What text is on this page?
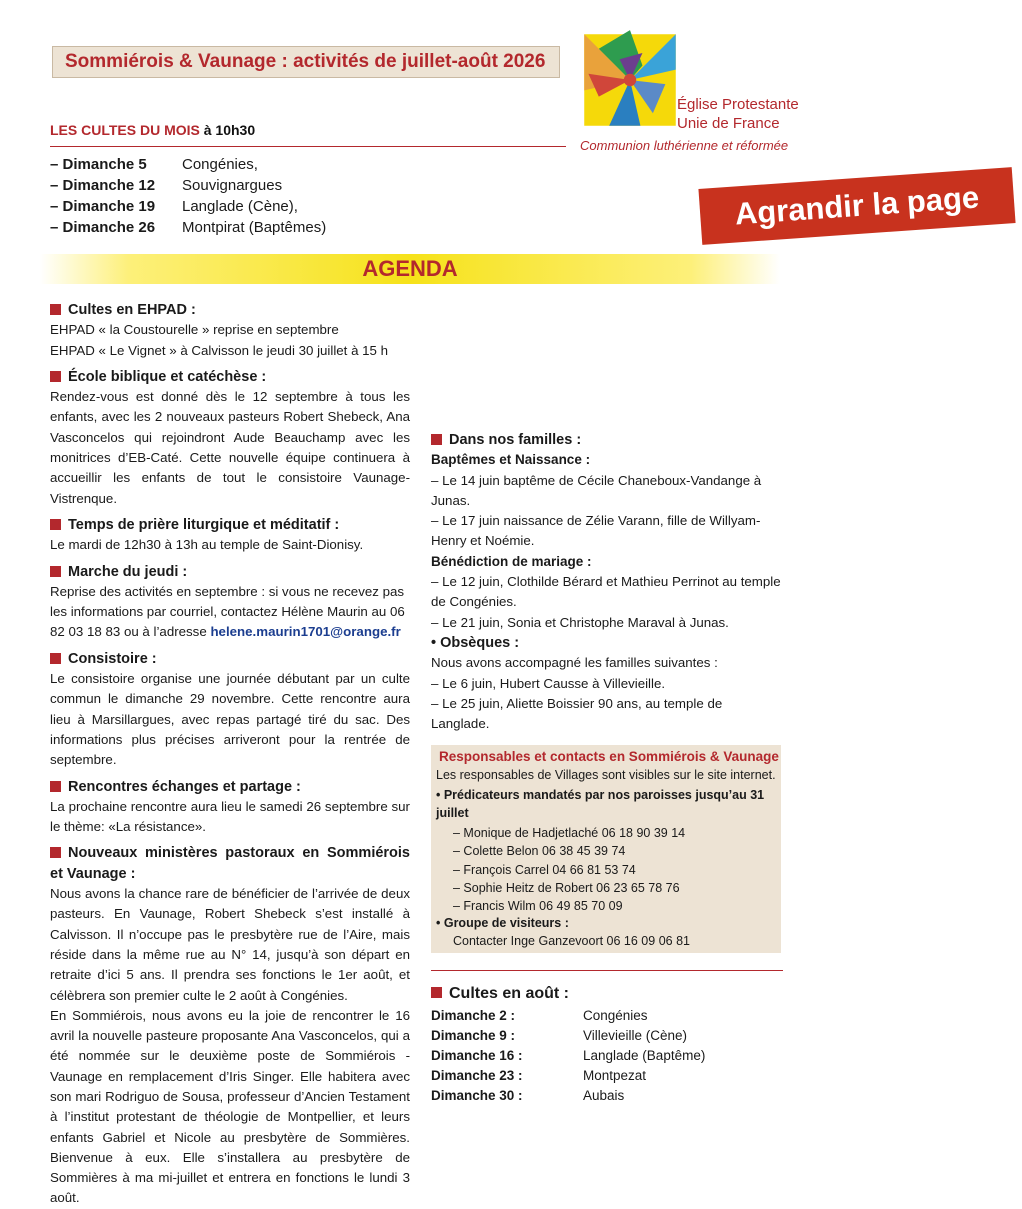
Sommiérois & Vaunage : activités de juillet-août 2026
Église Protestante
Unie de France
Communion luthérienne et réformée
LES CULTES DU MOIS à 10h30
– Dimanche 5	Congénies,
– Dimanche 12	Souvignargues
– Dimanche 19	Langlade (Cène),
– Dimanche 26	Montpirat (Baptêmes)	Agrandir la page
AGENDA

Cultes en EHPAD :

EHPAD « la Coustourelle » reprise en septembre

EHPAD « Le Vignet » à Calvisson le jeudi 30 juillet à 15 h

École biblique et catéchèse :

Rendez-vous est donné dès le 12 septembre à tous les enfants, avec les 2 nouveaux pasteurs Robert Shebeck, Ana Vasconcelos qui rejoindront Aude Beauchamp avec les monitrices d’EB-Caté. Cette nouvelle équipe continuera à accueillir les enfants de tout le consistoire Vaunage-Vistrenque.

Temps de prière liturgique et méditatif :

Le mardi de 12h30 à 13h au temple de Saint-Dionisy.

Marche du jeudi :

Reprise des activités en septembre : si vous ne recevez pas les informations par courriel, contactez Hélène Maurin au 06 82 03 18 83 ou à l’adresse helene.maurin1701@orange.fr

Consistoire :

Le consistoire organise une journée débutant par un culte commun le dimanche 29 novembre. Cette rencontre aura lieu à Marsillargues, avec repas partagé tiré du sac. Des informations plus précises arriveront pour la rentrée de septembre.

Rencontres échanges et partage :

La prochaine rencontre aura lieu le samedi 26 septembre sur le thème: «La résistance».

Nouveaux ministères pastoraux en Sommiérois et Vaunage :

Nous avons la chance rare de bénéficier de l’arrivée de deux pasteurs. En Vaunage, Robert Shebeck s’est installé à Calvisson. Il n’occupe pas le presbytère rue de l’Aire, mais réside dans la même rue au N° 14, jusqu’à son départ en retraite d’ici 5 ans. Il prendra ses fonctions le 1er août, et célèbrera son premier culte le 2 août à Congénies.

En Sommiérois, nous avons eu la joie de rencontrer le 16 avril la nouvelle pasteure proposante Ana Vasconcelos, qui a été nommée sur le deuxième poste de Sommiérois - Vaunage en remplacement d’Iris Singer. Elle habitera avec son mari Rodriguo de Sousa, professeur d’Ancien Testament à l’institut protestant de théologie de Montpellier, et leurs enfants Gabriel et Nicole au presbytère de Sommières. Bienvenue à eux. Elle s’installera au presbytère de Sommières à ma mi-juillet et entrera en fonctions le lundi 3 août.

Dans nos familles :

Baptêmes et Naissance :

– Le 14 juin baptême de Cécile Chaneboux-Vandange à Junas.

– Le 17 juin naissance de Zélie Varann, fille de Willyam-Henry et Noémie.

Bénédiction de mariage :

– Le 12 juin, Clothilde Bérard et Mathieu Perrinot au temple de Congénies.

– Le 21 juin, Sonia et Christophe Maraval à Junas.

• Obsèques :

Nous avons accompagné les familles suivantes :

– Le 6 juin, Hubert Causse à Villevieille.

– Le 25 juin, Aliette Boissier 90 ans, au temple de Langlade.

Responsables et contacts en Sommiérois & Vaunage
Les responsables de Villages sont visibles sur le site internet.
• Prédicateurs mandatés par nos paroisses jusqu’au 31 juillet
– Monique de Hadjetlaché 06 18 90 39 14
– Colette Belon 06 38 45 39 74
– François Carrel 04 66 81 53 74
– Sophie Heitz de Robert 06 23 65 78 76
– Francis Wilm 06 49 85 70 09
• Groupe de visiteurs :
Contacter Inge Ganzevoort 06 16 09 06 81
Cultes en août :
Dimanche 2 :	Congénies
Dimanche 9 :	Villevieille (Cène)
Dimanche 16 :	Langlade (Baptême)
Dimanche 23 :	Montpezat
Dimanche 30 :	Aubais
